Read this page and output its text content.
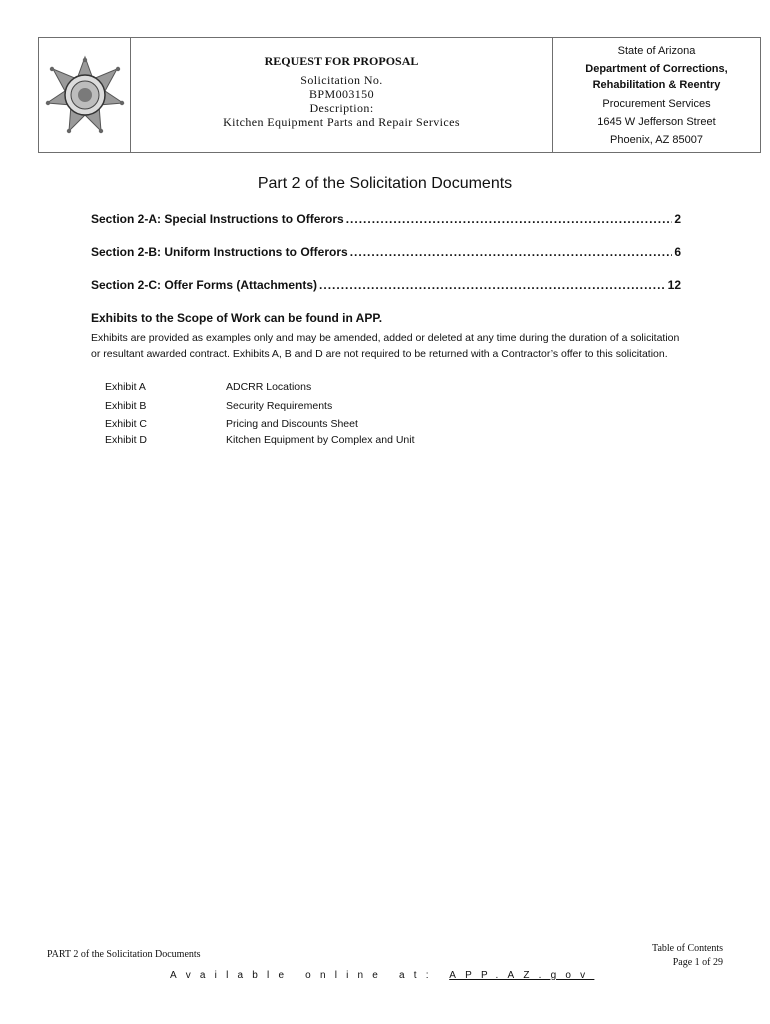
REQUEST FOR PROPOSAL
Solicitation No.
BPM003150
Description:
Kitchen Equipment Parts and Repair Services
State of Arizona
Department of Corrections,
Rehabilitation & Reentry
Procurement Services
1645 W Jefferson Street
Phoenix, AZ 85007
Part 2 of the Solicitation Documents
Section 2-A: Special Instructions to Offerors .....	2
Section 2-B: Uniform Instructions to Offerors .....	6
Section 2-C: Offer Forms (Attachments) .....	12
Exhibits to the Scope of Work can be found in APP.
Exhibits are provided as examples only and may be amended, added or deleted at any time during the duration of a solicitation or resultant awarded contract. Exhibits A, B and D are not required to be returned with a Contractor’s offer to this solicitation.
Exhibit A	ADCRR Locations
Exhibit B	Security Requirements
Exhibit C	Pricing and Discounts Sheet
Exhibit D	Kitchen Equipment by Complex and Unit
PART 2 of the Solicitation Documents
Table of Contents
Page 1 of 29
Available online at: APP.AZ.gov
